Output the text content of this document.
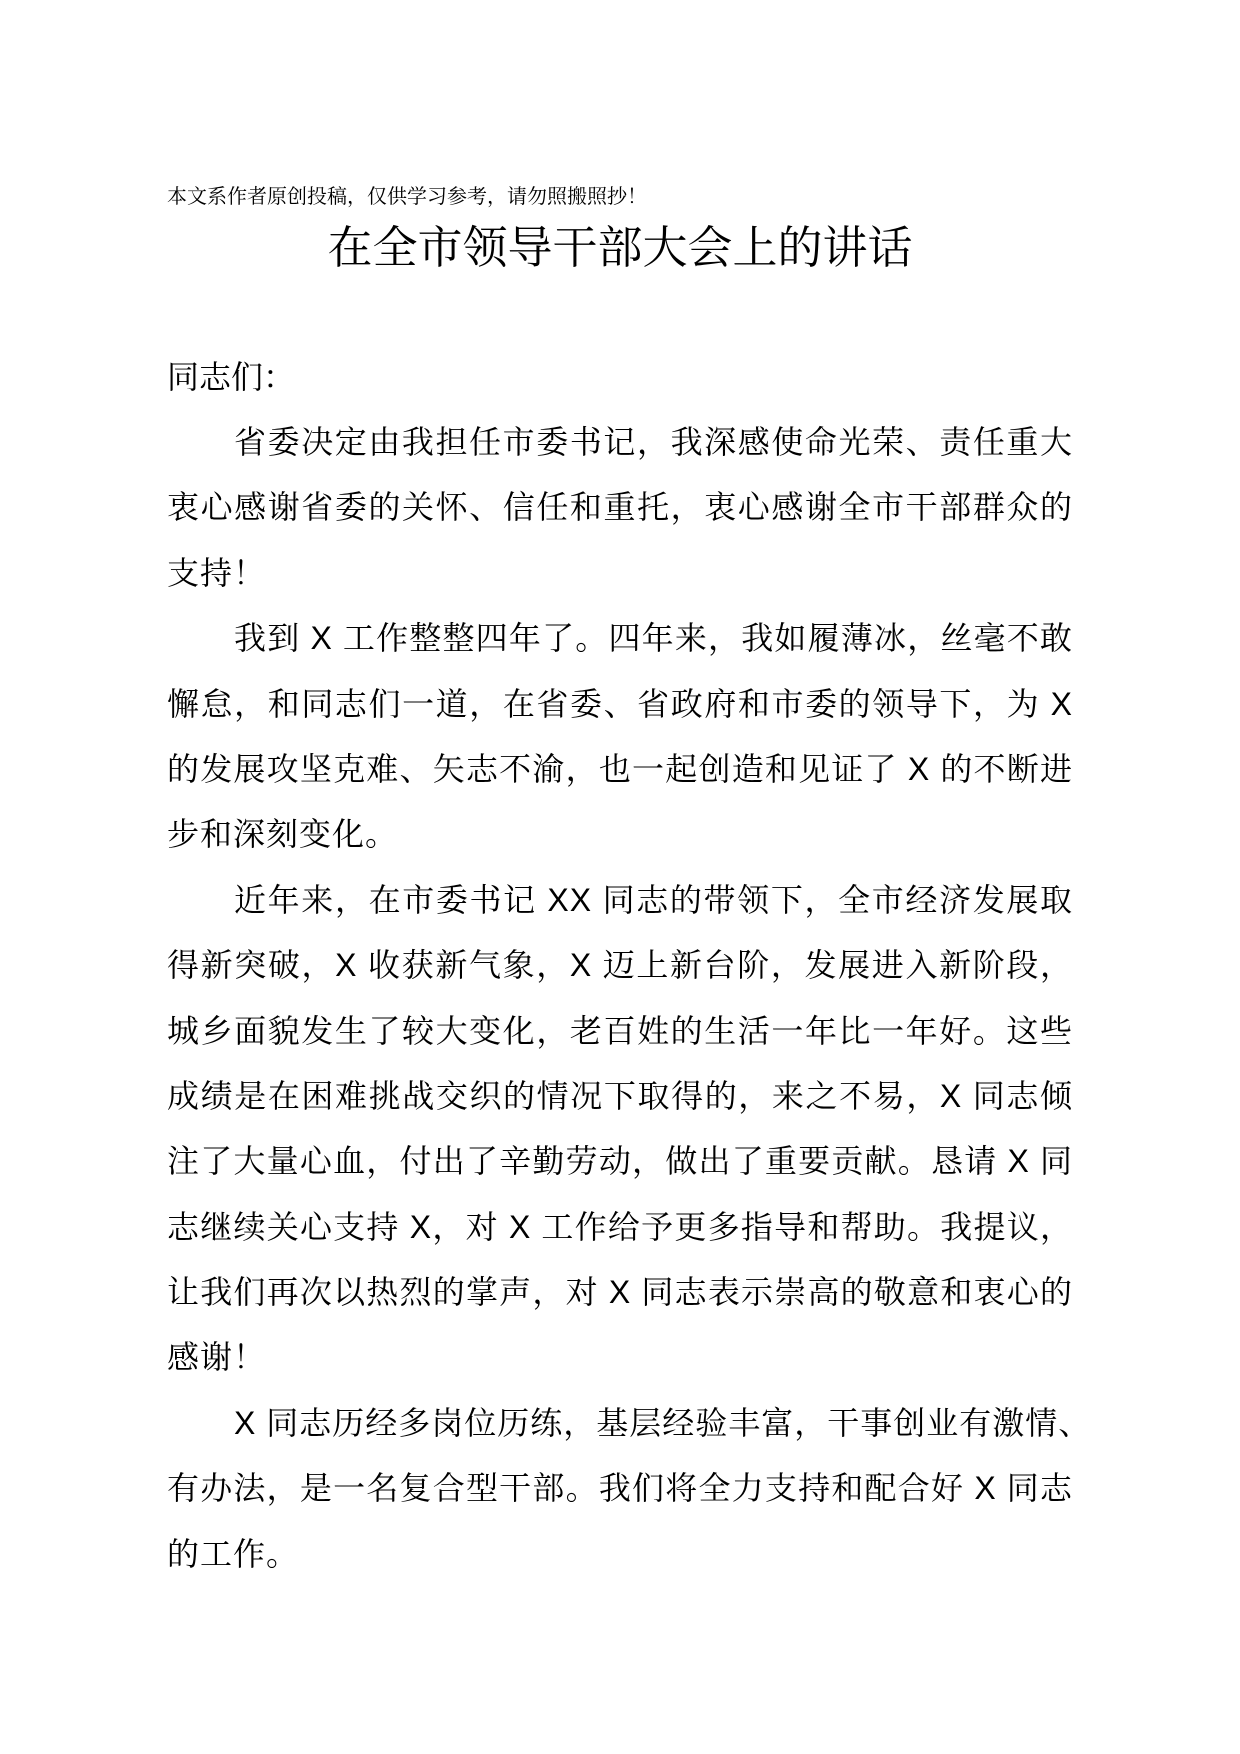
本文系作者原创投稿，仅供学习参考，请勿照搬照抄！
在全市领导干部大会上的讲话
同志们：
省委决定由我担任市委书记，我深感使命光荣、责任重大
衷心感谢省委的关怀、信任和重托，衷心感谢全市干部群众的
支持！
我到 X 工作整整四年了。四年来，我如履薄冰，丝毫不敢
懈怠，和同志们一道，在省委、省政府和市委的领导下，为 X
的发展攻坚克难、矢志不渝，也一起创造和见证了 X 的不断进
步和深刻变化。
近年来，在市委书记 XX 同志的带领下，全市经济发展取
得新突破，X 收获新气象，X 迈上新台阶，发展进入新阶段，
城乡面貌发生了较大变化，老百姓的生活一年比一年好。这些
成绩是在困难挑战交织的情况下取得的，来之不易，X 同志倾
注了大量心血，付出了辛勤劳动，做出了重要贡献。恳请 X 同
志继续关心支持 X，对 X 工作给予更多指导和帮助。我提议，
让我们再次以热烈的掌声，对 X 同志表示崇高的敬意和衷心的
感谢！
X 同志历经多岗位历练，基层经验丰富，干事创业有激情、
有办法，是一名复合型干部。我们将全力支持和配合好 X 同志
的工作。
